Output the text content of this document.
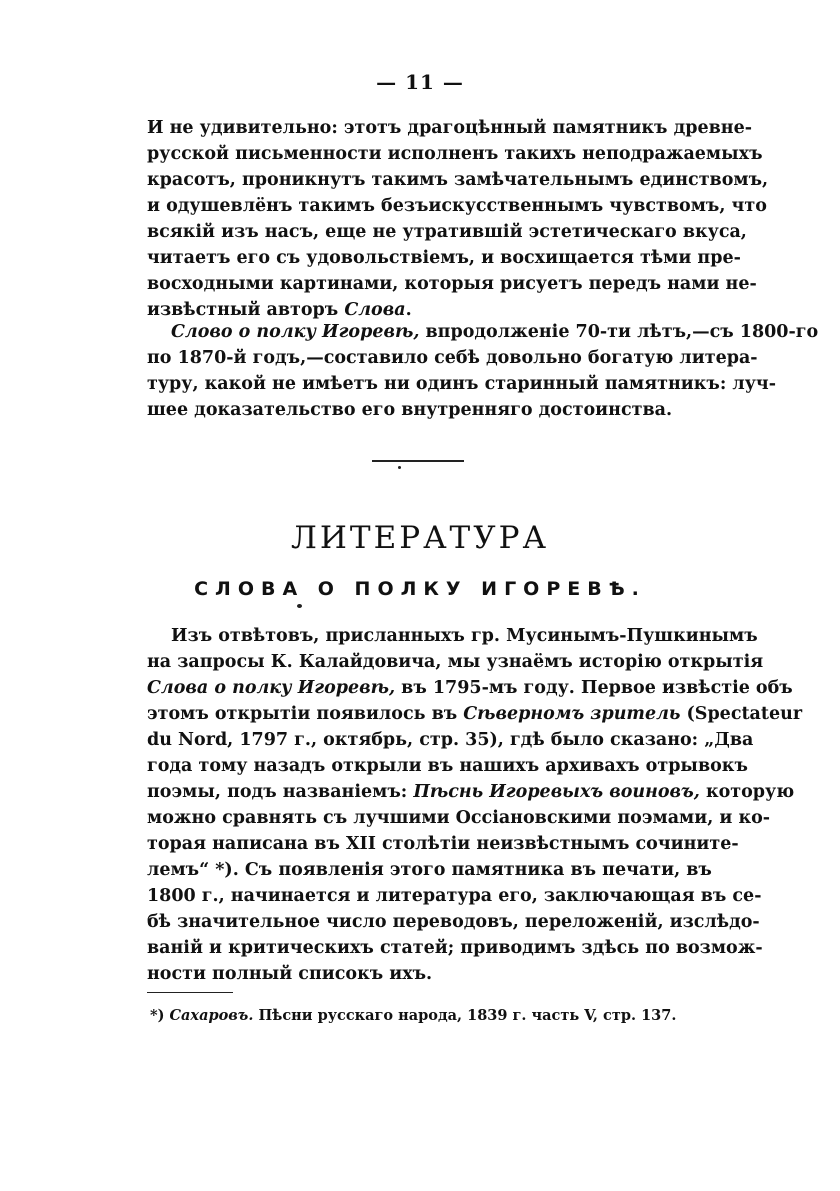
— 11 —
И не удивительно: этотъ драгоцѣнный памятникъ древне-
русской письменности исполненъ такихъ неподражаемыхъ
красотъ, проникнутъ такимъ замѣчательнымъ единствомъ,
и одушевлёнъ такимъ безъискусственнымъ чувствомъ, что
всякій изъ насъ, еще не утратившій эстетическаго вкуса,
читаетъ его съ удовольствіемъ, и восхищается тѣми пре-
восходными картинами, которыя рисуетъ передъ нами не-
извѣстный авторъ Слова.
Слово о полку Игоревѣ, впродолженіе 70-ти лѣтъ,—съ 1800-го
по 1870-й годъ,—составило себѣ довольно богатую литера-
туру, какой не имѣетъ ни одинъ старинный памятникъ: луч-
шее доказательство его внутренняго достоинства.
ЛИТЕРАТУРА
СЛОВА О ПОЛКУ ИГОРЕВѢ.
Изъ отвѣтовъ, присланныхъ гр. Мусинымъ-Пушкинымъ
на запросы К. Калайдовича, мы узнаёмъ исторію открытія
Слова о полку Игоревѣ, въ 1795-мъ году. Первое извѣстіе объ
этомъ открытіи появилось въ Сѣверномъ зритель (Spectateur
du Nord, 1797 г., октябрь, стр. 35), гдѣ было сказано: „Два
года тому назадъ открыли въ нашихъ архивахъ отрывокъ
поэмы, подъ названіемъ: Пѣснь Игоревыхъ воиновъ, которую
можно сравнять съ лучшими Оссіановскими поэмами, и ко-
торая написана въ XII столѣтіи неизвѣстнымъ сочините-
лемъ“ *). Съ появленія этого памятника въ печати, въ
1800 г., начинается и литература его, заключающая въ се-
бѣ значительное число переводовъ, переложеній, изслѣдо-
ваній и критическихъ статей; приводимъ здѣсь по возмож-
ности полный списокъ ихъ.
*) Сахаровъ. Пѣсни русскаго народа, 1839 г. часть V, стр. 137.
